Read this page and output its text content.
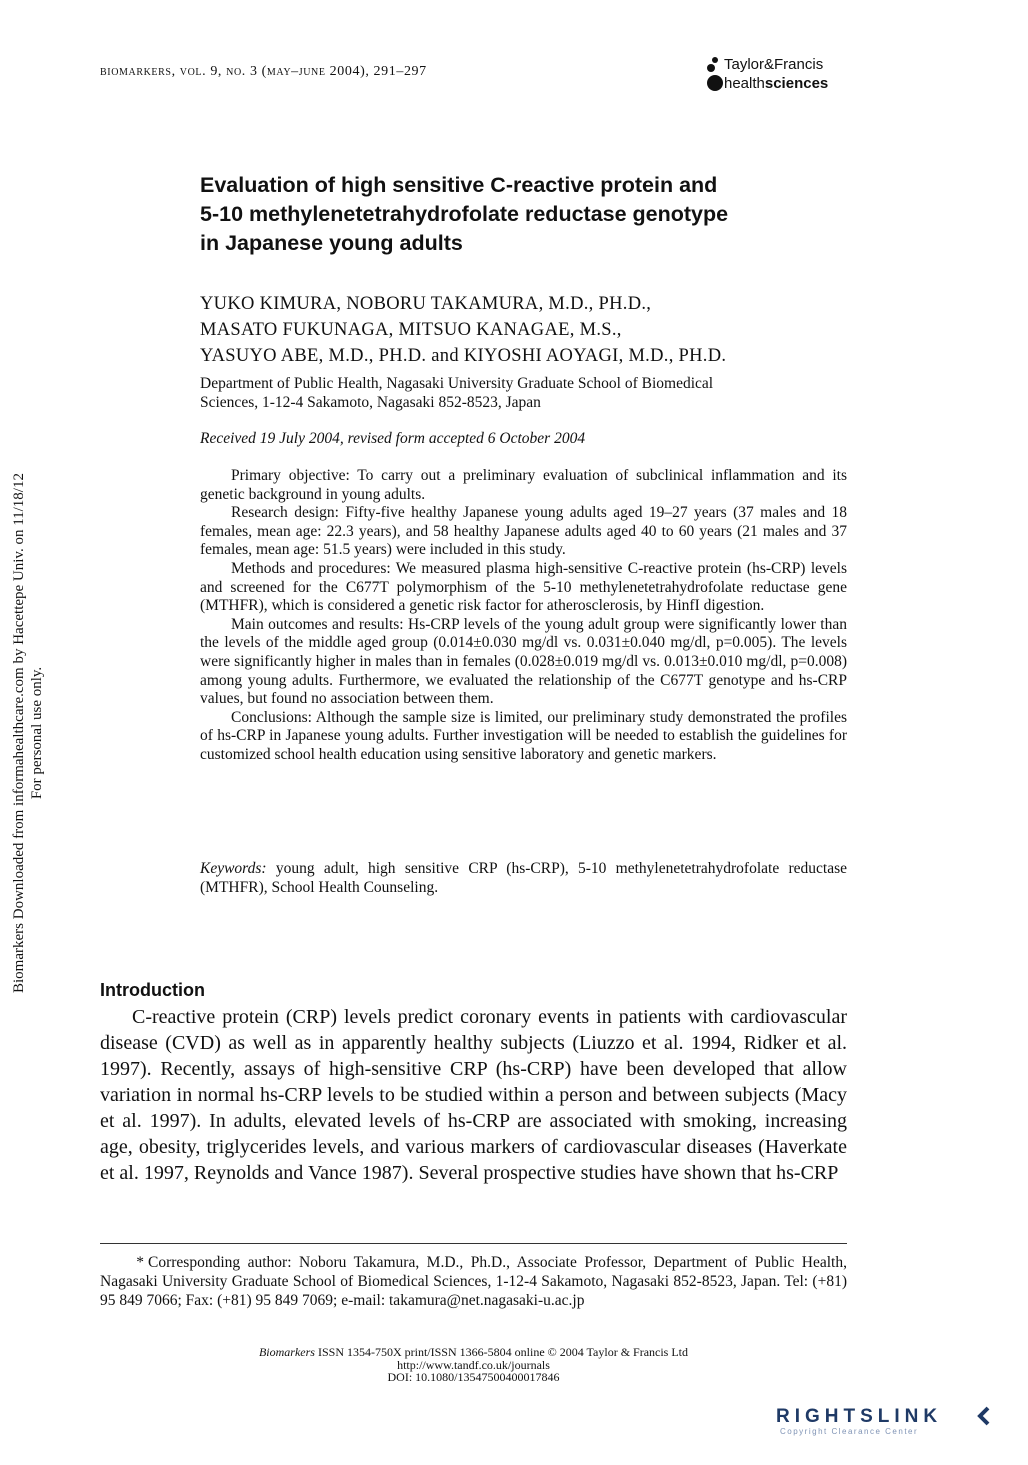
biomarkers, vol. 9, no. 3 (may–june 2004), 291–297	Taylor&Francis
healthsciences
Evaluation of high sensitive C-reactive protein and
5-10 methylenetetrahydrofolate reductase genotype
in Japanese young adults
YUKO KIMURA, NOBORU TAKAMURA, M.D., PH.D.,
MASATO FUKUNAGA, MITSUO KANAGAE, M.S.,
YASUYO ABE, M.D., PH.D. and KIYOSHI AOYAGI, M.D., PH.D.
Department of Public Health, Nagasaki University Graduate School of Biomedical
Sciences, 1-12-4 Sakamoto, Nagasaki 852-8523, Japan
Received 19 July 2004, revised form accepted 6 October 2004

Primary objective: To carry out a preliminary evaluation of subclinical inflammation and its genetic background in young adults.

Research design: Fifty-five healthy Japanese young adults aged 19–27 years (37 males and 18 females, mean age: 22.3 years), and 58 healthy Japanese adults aged 40 to 60 years (21 males and 37 females, mean age: 51.5 years) were included in this study.

Methods and procedures: We measured plasma high-sensitive C-reactive protein (hs-CRP) levels and screened for the C677T polymorphism of the 5-10 methylenetetrahydrofolate reductase gene (MTHFR), which is considered a genetic risk factor for atherosclerosis, by HinfI digestion.

Main outcomes and results: Hs-CRP levels of the young adult group were significantly lower than the levels of the middle aged group (0.014±0.030 mg/dl vs. 0.031±0.040 mg/dl, p=0.005). The levels were significantly higher in males than in females (0.028±0.019 mg/dl vs. 0.013±0.010 mg/dl, p=0.008) among young adults. Furthermore, we evaluated the relationship of the C677T genotype and hs-CRP values, but found no association between them.

Conclusions: Although the sample size is limited, our preliminary study demonstrated the profiles of hs-CRP in Japanese young adults. Further investigation will be needed to establish the guidelines for customized school health education using sensitive laboratory and genetic markers.

Keywords: young adult, high sensitive CRP (hs-CRP), 5-10 methylenetetrahydrofolate reductase (MTHFR), School Health Counseling.
Biomarkers Downloaded from informahealthcare.com by Hacettepe Univ. on 11/18/12 For personal use only.
Introduction

C-reactive protein (CRP) levels predict coronary events in patients with cardiovascular disease (CVD) as well as in apparently healthy subjects (Liuzzo et al. 1994, Ridker et al. 1997). Recently, assays of high-sensitive CRP (hs-CRP) have been developed that allow variation in normal hs-CRP levels to be studied within a person and between subjects (Macy et al. 1997). In adults, elevated levels of hs-CRP are associated with smoking, increasing age, obesity, triglycerides levels, and various markers of cardiovascular diseases (Haverkate et al. 1997, Reynolds and Vance 1987). Several prospective studies have shown that hs-CRP

* Corresponding author: Noboru Takamura, M.D., Ph.D., Associate Professor, Department of Public Health, Nagasaki University Graduate School of Biomedical Sciences, 1-12-4 Sakamoto, Nagasaki 852-8523, Japan. Tel: (+81) 95 849 7066; Fax: (+81) 95 849 7069; e-mail: takamura@net.nagasaki-u.ac.jp
Biomarkers ISSN 1354-750X print/ISSN 1366-5804 online © 2004 Taylor & Francis Ltd
http://www.tandf.co.uk/journals
DOI: 10.1080/13547500400017846
RIGHTSLINK
Copyright Clearance Center
